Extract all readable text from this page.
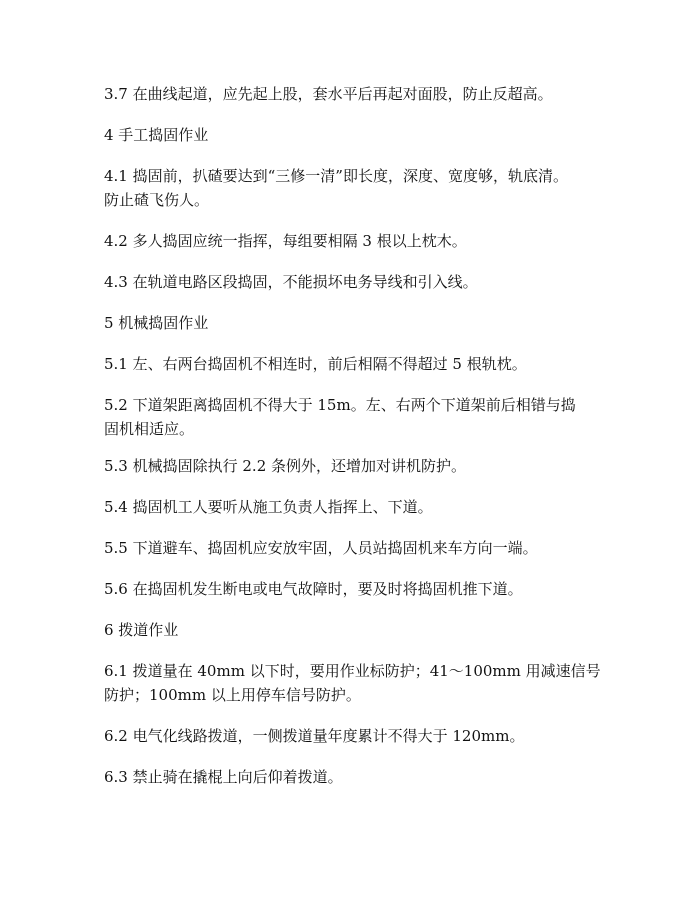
3.7 在曲线起道，应先起上股，套水平后再起对面股，防止反超高。
4 手工捣固作业
4.1 捣固前，扒碴要达到“三修一清”即长度，深度、宽度够，轨底清。
防止碴飞伤人。
4.2 多人捣固应统一指挥，每组要相隔 3 根以上枕木。
4.3 在轨道电路区段捣固，不能损坏电务导线和引入线。
5 机械捣固作业
5.1 左、右两台捣固机不相连时，前后相隔不得超过 5 根轨枕。
5.2 下道架距离捣固机不得大于 15m。左、右两个下道架前后相错与捣
固机相适应。
5.3 机械捣固除执行 2.2 条例外，还增加对讲机防护。
5.4 捣固机工人要听从施工负责人指挥上、下道。
5.5 下道避车、捣固机应安放牢固，人员站捣固机来车方向一端。
5.6 在捣固机发生断电或电气故障时，要及时将捣固机推下道。
6 拨道作业
6.1 拨道量在 40mm 以下时，要用作业标防护；41～100mm 用减速信号
防护；100mm 以上用停车信号防护。
6.2 电气化线路拨道，一侧拨道量年度累计不得大于 120mm。
6.3 禁止骑在撬棍上向后仰着拨道。
